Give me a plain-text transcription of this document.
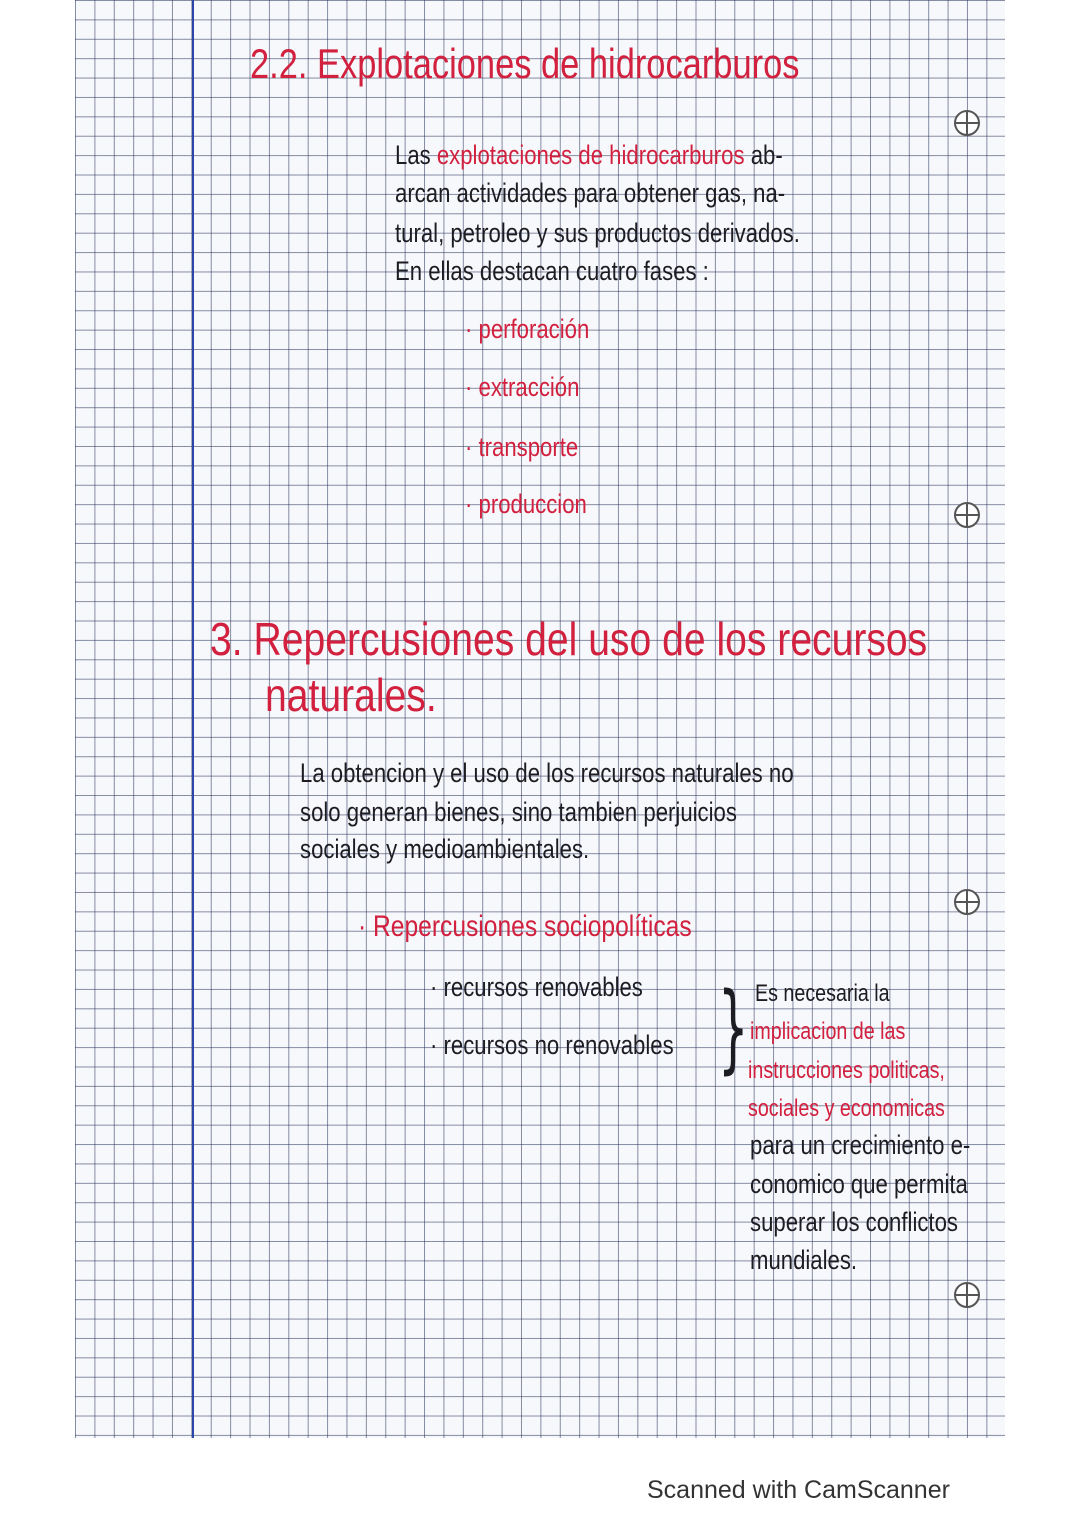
2.2. Explotaciones de hidrocarburos
Las explotaciones de hidrocarburos ab-
arcan actividades para obtener gas, na-
tural, petroleo y sus productos derivados.
En ellas destacan cuatro fases :
· perforación
· extracción
· transporte
· produccion
3. Repercusiones del uso de los recursos
naturales.
La obtencion y el uso de los recursos naturales no
solo generan bienes, sino tambien perjuicios
sociales y medioambientales.
· Repercusiones sociopolíticas
· recursos renovables
· recursos no renovables } Es necesaria la
implicacion de las
instrucciones politicas,
sociales y economicas
para un crecimiento e-
conomico que permita
superar los conflictos
mundiales.
Scanned with CamScanner
